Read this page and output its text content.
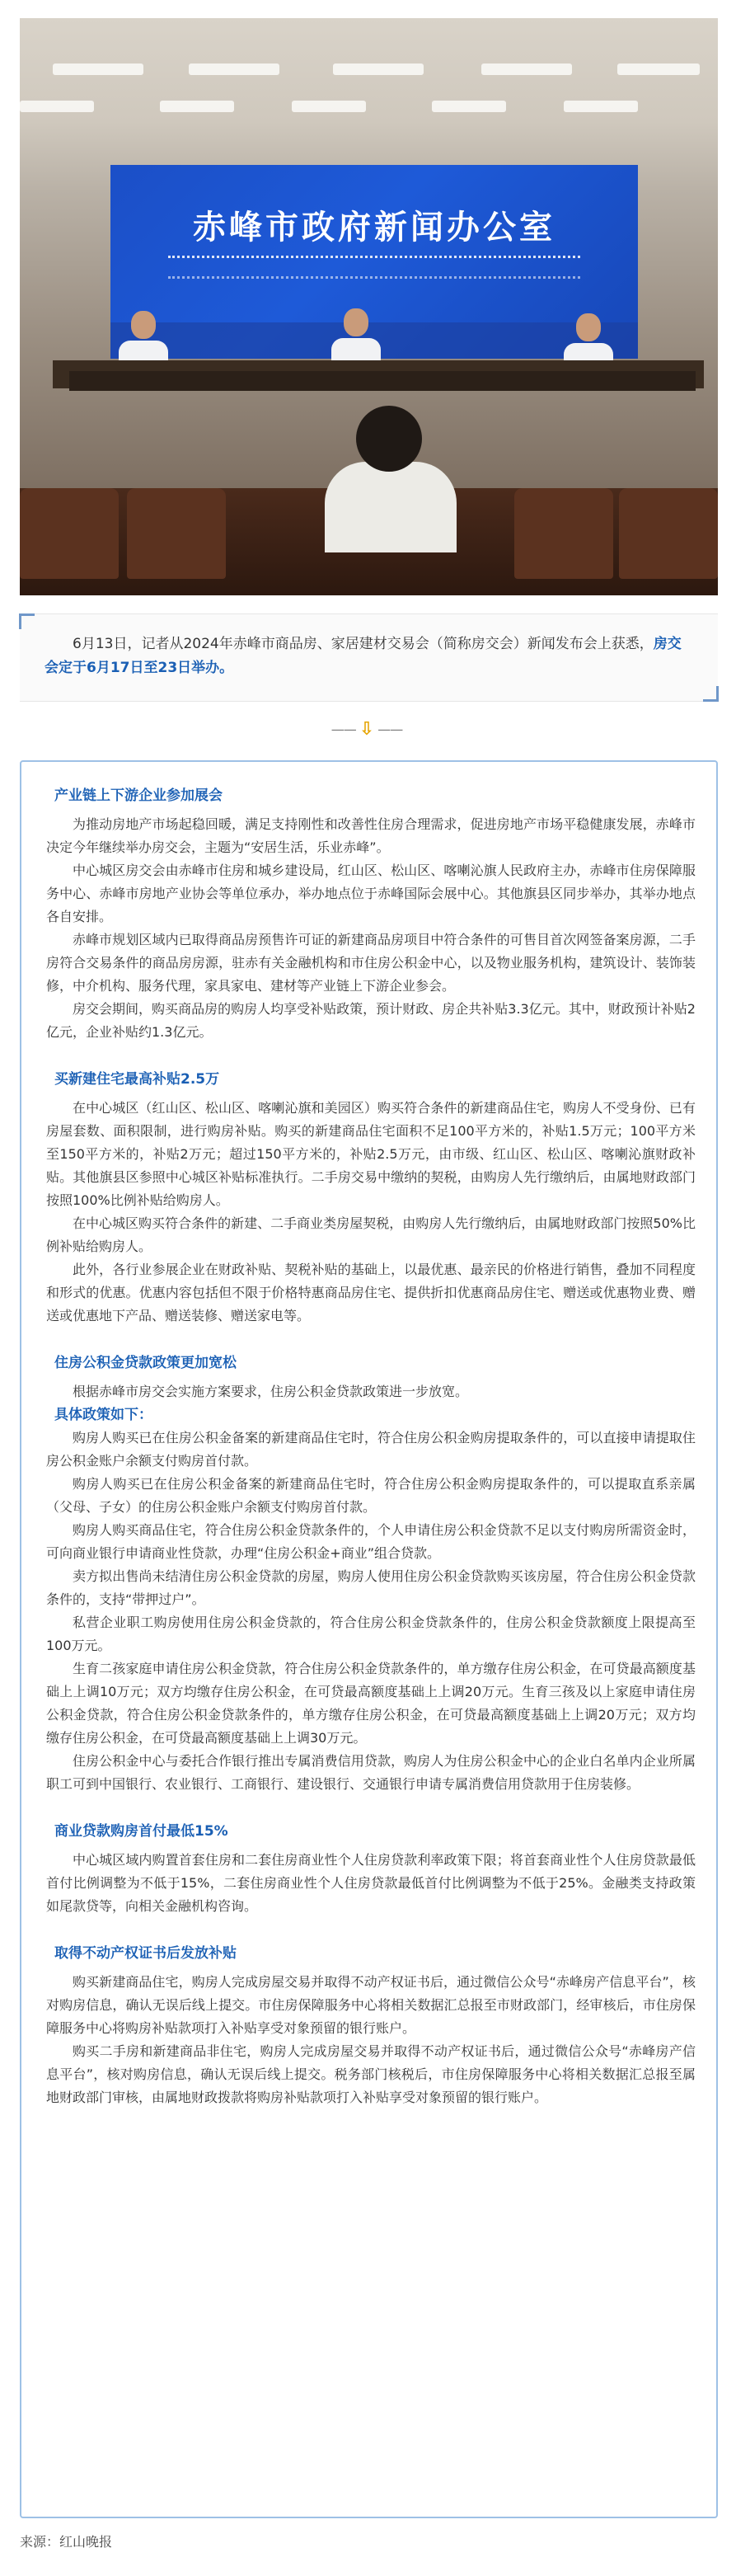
赤峰市政府新闻办公室

6月13日，记者从2024年赤峰市商品房、家居建材交易会（简称房交会）新闻发布会上获悉，房交会定于6月17日至23日举办。

—— ⇩ ——
产业链上下游企业参加展会

为推动房地产市场起稳回暖，满足支持刚性和改善性住房合理需求，促进房地产市场平稳健康发展，赤峰市决定今年继续举办房交会，主题为“安居生活，乐业赤峰”。

中心城区房交会由赤峰市住房和城乡建设局，红山区、松山区、喀喇沁旗人民政府主办，赤峰市住房保障服务中心、赤峰市房地产业协会等单位承办，举办地点位于赤峰国际会展中心。其他旗县区同步举办，其举办地点各自安排。

赤峰市规划区域内已取得商品房预售许可证的新建商品房项目中符合条件的可售目首次网签备案房源，二手房符合交易条件的商品房房源，驻赤有关金融机构和市住房公积金中心，以及物业服务机构，建筑设计、装饰装修，中介机构、服务代理，家具家电、建材等产业链上下游企业参会。

房交会期间，购买商品房的购房人均享受补贴政策，预计财政、房企共补贴3.3亿元。其中，财政预计补贴2亿元，企业补贴约1.3亿元。

买新建住宅最高补贴2.5万

在中心城区（红山区、松山区、喀喇沁旗和美园区）购买符合条件的新建商品住宅，购房人不受身份、已有房屋套数、面积限制，进行购房补贴。购买的新建商品住宅面积不足100平方米的，补贴1.5万元；100平方米至150平方米的，补贴2万元；超过150平方米的，补贴2.5万元，由市级、红山区、松山区、喀喇沁旗财政补贴。其他旗县区参照中心城区补贴标准执行。二手房交易中缴纳的契税，由购房人先行缴纳后，由属地财政部门按照100%比例补贴给购房人。

在中心城区购买符合条件的新建、二手商业类房屋契税，由购房人先行缴纳后，由属地财政部门按照50%比例补贴给购房人。

此外，各行业参展企业在财政补贴、契税补贴的基础上，以最优惠、最亲民的价格进行销售，叠加不同程度和形式的优惠。优惠内容包括但不限于价格特惠商品房住宅、提供折扣优惠商品房住宅、赠送或优惠物业费、赠送或优惠地下产品、赠送装修、赠送家电等。

住房公积金贷款政策更加宽松

根据赤峰市房交会实施方案要求，住房公积金贷款政策进一步放宽。

具体政策如下：

购房人购买已在住房公积金备案的新建商品住宅时，符合住房公积金购房提取条件的，可以直接申请提取住房公积金账户余额支付购房首付款。

购房人购买已在住房公积金备案的新建商品住宅时，符合住房公积金购房提取条件的，可以提取直系亲属（父母、子女）的住房公积金账户余额支付购房首付款。

购房人购买商品住宅，符合住房公积金贷款条件的，个人申请住房公积金贷款不足以支付购房所需资金时，可向商业银行申请商业性贷款，办理“住房公积金+商业”组合贷款。

卖方拟出售尚未结清住房公积金贷款的房屋，购房人使用住房公积金贷款购买该房屋，符合住房公积金贷款条件的，支持“带押过户”。

私营企业职工购房使用住房公积金贷款的，符合住房公积金贷款条件的，住房公积金贷款额度上限提高至100万元。

生育二孩家庭申请住房公积金贷款，符合住房公积金贷款条件的，单方缴存住房公积金，在可贷最高额度基础上上调10万元；双方均缴存住房公积金，在可贷最高额度基础上上调20万元。生育三孩及以上家庭申请住房公积金贷款，符合住房公积金贷款条件的，单方缴存住房公积金，在可贷最高额度基础上上调20万元；双方均缴存住房公积金，在可贷最高额度基础上上调30万元。

住房公积金中心与委托合作银行推出专属消费信用贷款，购房人为住房公积金中心的企业白名单内企业所属职工可到中国银行、农业银行、工商银行、建设银行、交通银行申请专属消费信用贷款用于住房装修。

商业贷款购房首付最低15%

中心城区域内购置首套住房和二套住房商业性个人住房贷款利率政策下限；将首套商业性个人住房贷款最低首付比例调整为不低于15%，二套住房商业性个人住房贷款最低首付比例调整为不低于25%。金融类支持政策如尾款贷等，向相关金融机构咨询。

取得不动产权证书后发放补贴

购买新建商品住宅，购房人完成房屋交易并取得不动产权证书后，通过微信公众号“赤峰房产信息平台”，核对购房信息，确认无误后线上提交。市住房保障服务中心将相关数据汇总报至市财政部门，经审核后，市住房保障服务中心将购房补贴款项打入补贴享受对象预留的银行账户。

购买二手房和新建商品非住宅，购房人完成房屋交易并取得不动产权证书后，通过微信公众号“赤峰房产信息平台”，核对购房信息，确认无误后线上提交。税务部门核税后，市住房保障服务中心将相关数据汇总报至属地财政部门审核，由属地财政拨款将购房补贴款项打入补贴享受对象预留的银行账户。

来源：红山晚报
